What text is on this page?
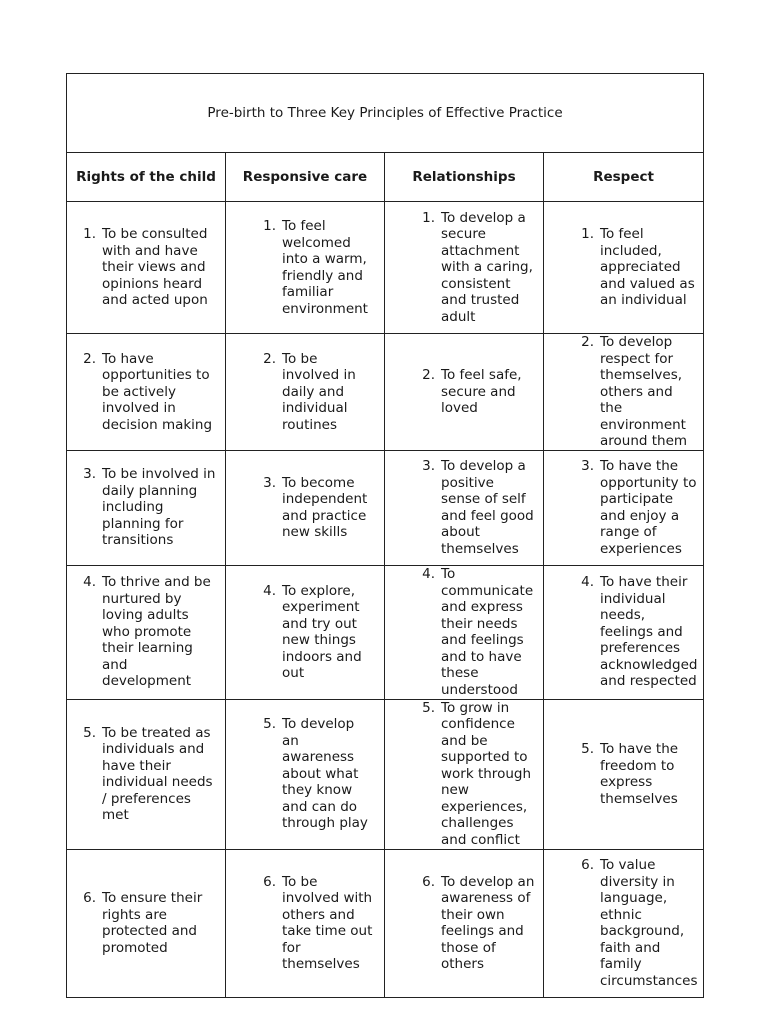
Pre-birth to Three Key Principles of Effective Practice			
Rights of the child	Responsive care	Relationships	Respect

1. To be consulted with and have their views and opinions heard and acted upon	1. To feel welcomed into a warm, friendly and familiar environment	1. To develop a secure attachment with a caring, consistent and trusted adult	1. To feel included, appreciated and valued as an individual

2. To have opportunities to be actively involved in decision making	2. To be involved in daily and individual routines	2. To feel safe, secure and loved	2. To develop respect for themselves, others and the environment around them

3. To be involved in daily planning including planning for transitions	3. To become independent and practice new skills	3. To develop a positive sense of self and feel good about themselves	3. To have the opportunity to participate and enjoy a range of experiences

4. To thrive and be nurtured by loving adults who promote their learning and development	4. To explore, experiment and try out new things indoors and out	4. To communicate and express their needs and feelings and to have these understood	4. To have their individual needs, feelings and preferences acknowledged and respected

5. To be treated as individuals and have their individual needs / preferences met	5. To develop an awareness about what they know and can do through play	5. To grow in confidence and be supported to work through new experiences, challenges and conflict	5. To have the freedom to express themselves

6. To ensure their rights are protected and promoted	6. To be involved with others and take time out for themselves	6. To develop an awareness of their own feelings and those of others	6. To value diversity in language, ethnic background, faith and family circumstances
